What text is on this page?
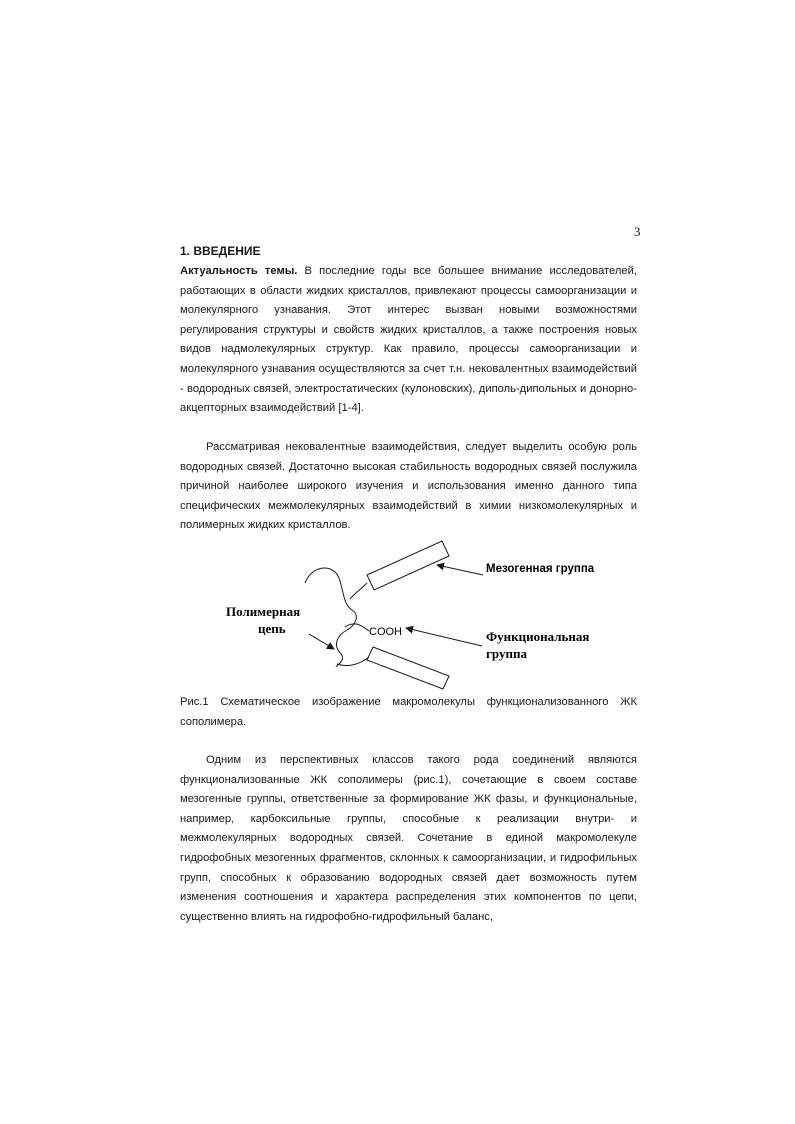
3
1. ВВЕДЕНИЕ
Актуальность темы. В последние годы все большее внимание исследователей, работающих в области жидких кристаллов, привлекают процессы самоорганизации и молекулярного узнавания. Этот интерес вызван новыми возможностями регулирования структуры и свойств жидких кристаллов, а также построения новых видов надмолекулярных структур. Как правило, процессы самоорганизации и молекулярного узнавания осуществляются за счет т.н. нековалентных взаимодействий - водородных связей, электростатических (кулоновских), диполь-дипольных и донорно-акцепторных взаимодействий [1-4].
Рассматривая нековалентные взаимодействия, следует выделить особую роль водородных связей. Достаточно высокая стабильность водородных связей послужила причиной наиболее широкого изучения и использования именно данного типа специфических межмолекулярных взаимодействий в химии низкомолекулярных и полимерных жидких кристаллов.
COOH
Мезогенная группа
Полимерная
цепь
Функциональная
группа
Рис.1 Схематическое изображение макромолекулы функционализованного ЖК сополимера.
Одним из перспективных классов такого рода соединений являются функционализованные ЖК сополимеры (рис.1), сочетающие в своем составе мезогенные группы, ответственные за формирование ЖК фазы, и функциональные, например, карбоксильные группы, способные к реализации внутри- и межмолекулярных водородных связей. Сочетание в единой макромолекуле гидрофобных мезогенных фрагментов, склонных к самоорганизации, и гидрофильных групп, способных к образованию водородных связей дает возможность путем изменения соотношения и характера распределения этих компонентов по цепи, существенно влиять на гидрофобно-гидрофильный баланс,
